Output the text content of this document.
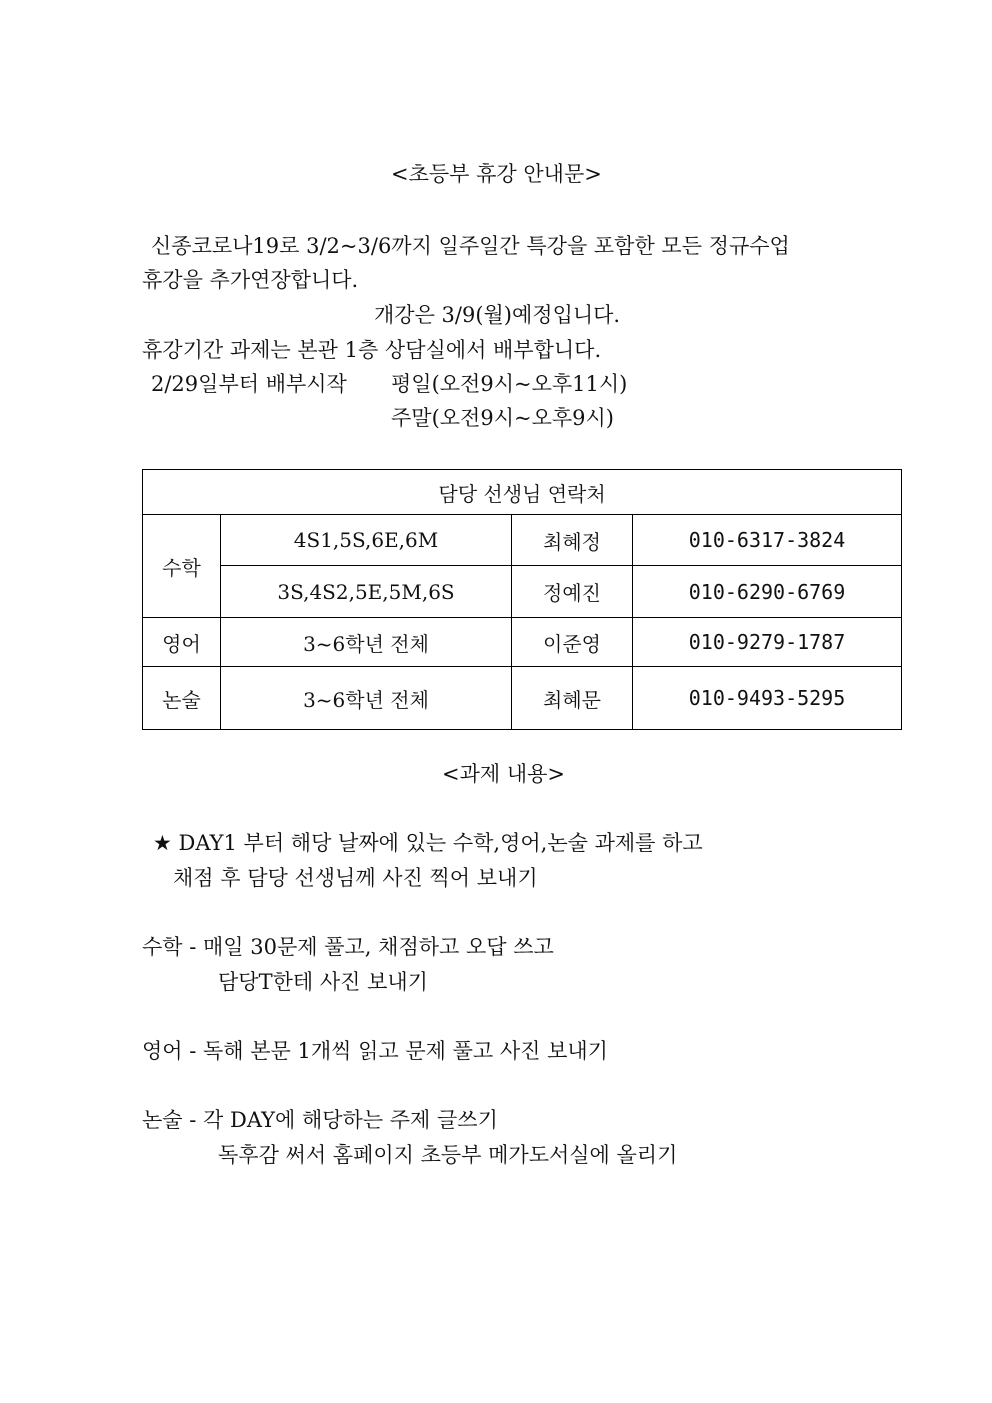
<초등부 휴강 안내문>
신종코로나19로 3/2~3/6까지 일주일간 특강을 포함한 모든 정규수업
휴강을 추가연장합니다.
개강은 3/9(월)예정입니다.
휴강기간 과제는 본관 1층 상담실에서 배부합니다.
2/29일부터 배부시작 평일(오전9시~오후11시)
주말(오전9시~오후9시)
담당 선생님 연락처			
수학	4S1,5S,6E,6M	최혜정	010-6317-3824
	3S,4S2,5E,5M,6S	정예진	010-6290-6769
영어	3~6학년 전체	이준영	010-9279-1787
논술	3~6학년 전체	최혜문	010-9493-5295
<과제 내용>
★ DAY1 부터 해당 날짜에 있는 수학,영어,논술 과제를 하고
채점 후 담당 선생님께 사진 찍어 보내기
수학 - 매일 30문제 풀고, 채점하고 오답 쓰고
담당T한테 사진 보내기
영어 - 독해 본문 1개씩 읽고 문제 풀고 사진 보내기
논술 - 각 DAY에 해당하는 주제 글쓰기
독후감 써서 홈페이지 초등부 메가도서실에 올리기
